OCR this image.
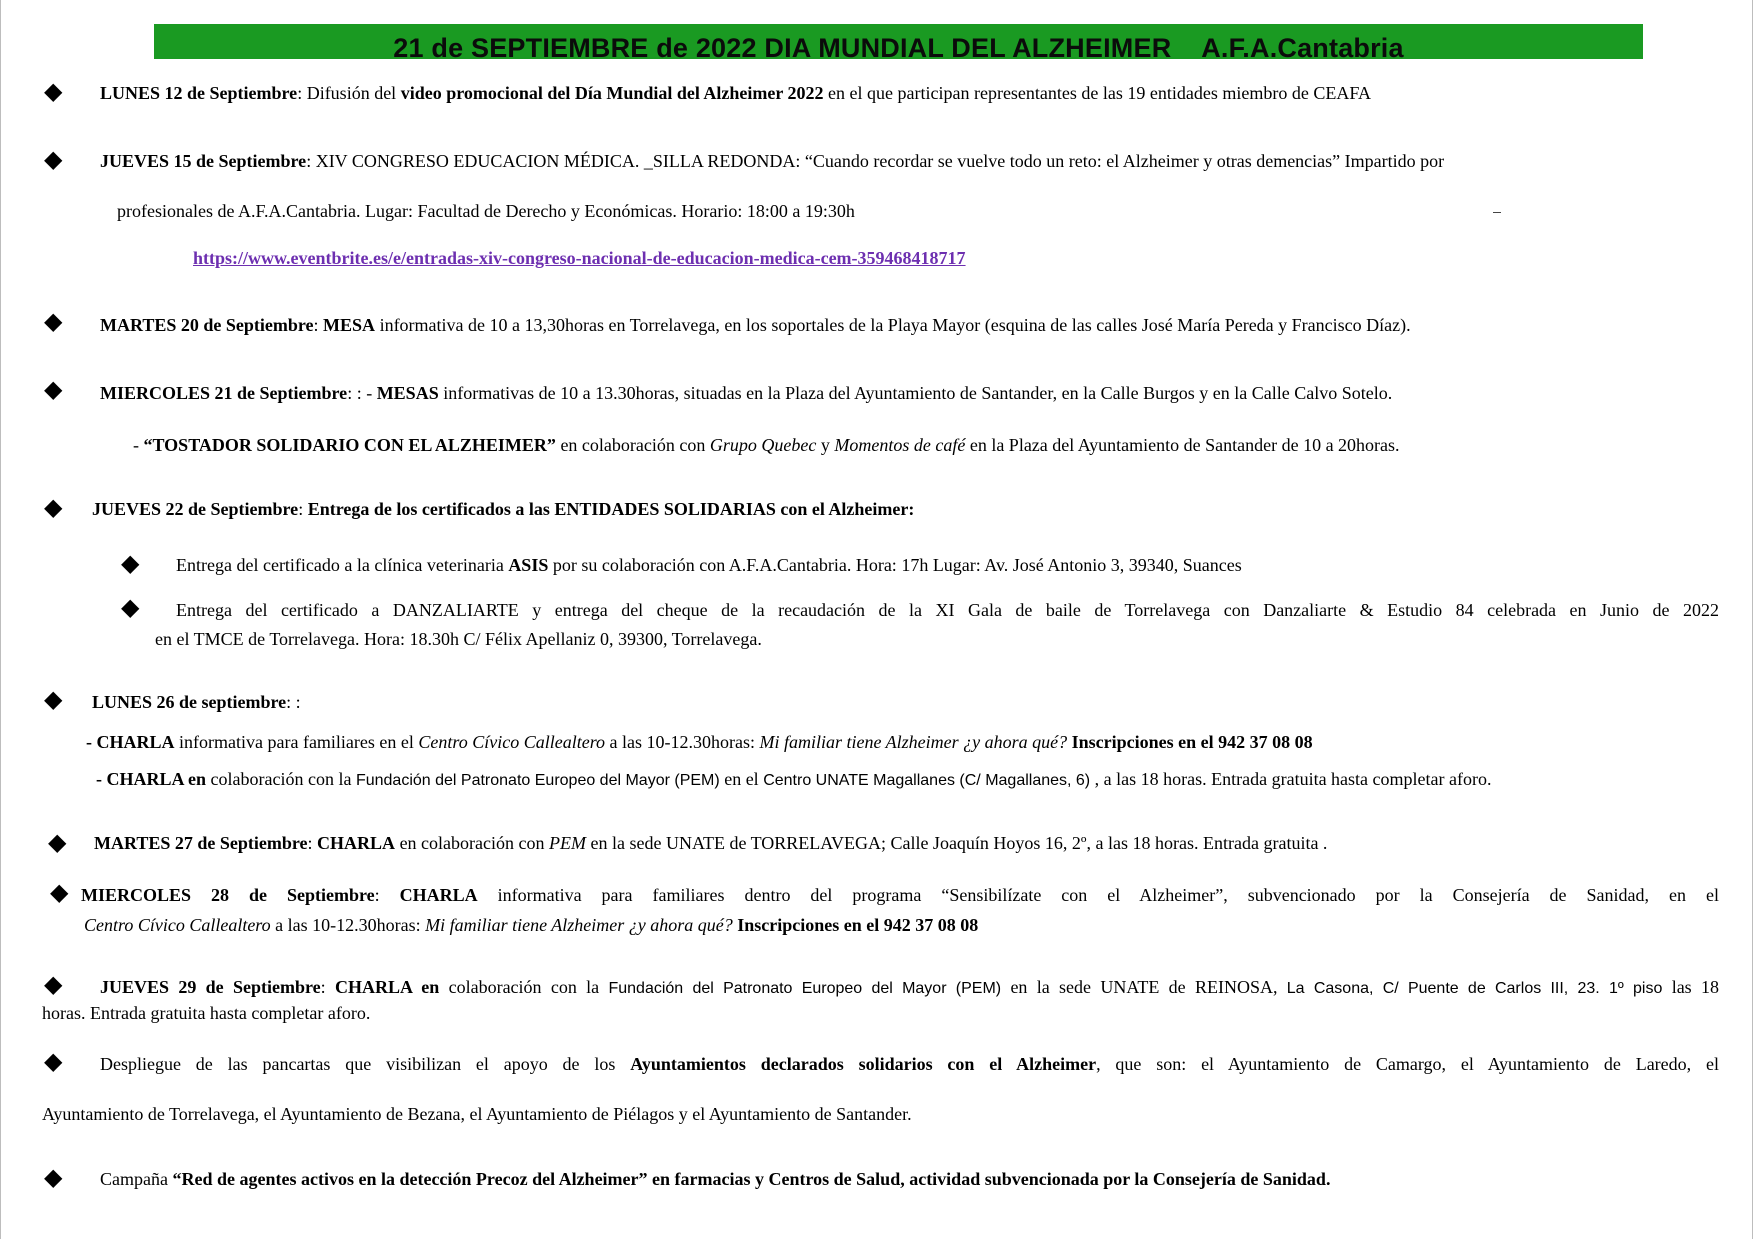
21 de SEPTIEMBRE de 2022 DIA MUNDIAL DEL ALZHEIMER    A.F.A.Cantabria
◆ LUNES 12 de Septiembre: Difusión del video promocional del Día Mundial del Alzheimer 2022 en el que participan representantes de las 19 entidades miembro de CEAFA
◆ JUEVES 15 de Septiembre: XIV CONGRESO EDUCACION MÉDICA. _SILLA REDONDA: “Cuando recordar se vuelve todo un reto: el Alzheimer y otras demencias” Impartido por
profesionales de A.F.A.Cantabria. Lugar: Facultad de Derecho y Económicas. Horario: 18:00 a 19:30h
https://www.eventbrite.es/e/entradas-xiv-congreso-nacional-de-educacion-medica-cem-359468418717
◆ MARTES 20 de Septiembre: MESA informativa de 10 a 13,30horas en Torrelavega, en los soportales de la Playa Mayor (esquina de las calles José María Pereda y Francisco Díaz).
◆ MIERCOLES 21 de Septiembre: : - MESAS informativas de 10 a 13.30horas, situadas en la Plaza del Ayuntamiento de Santander, en la Calle Burgos y en la Calle Calvo Sotelo.
- “TOSTADOR SOLIDARIO CON EL ALZHEIMER” en colaboración con Grupo Quebec y Momentos de café en la Plaza del Ayuntamiento de Santander de 10 a 20horas.
◆ JUEVES 22 de Septiembre: Entrega de los certificados a las ENTIDADES SOLIDARIAS con el Alzheimer:
◆ Entrega del certificado a la clínica veterinaria ASIS por su colaboración con A.F.A.Cantabria. Hora: 17h Lugar: Av. José Antonio 3, 39340, Suances
◆ Entrega del certificado a DANZALIARTE y entrega del cheque de la recaudación de la XI Gala de baile de Torrelavega con Danzaliarte & Estudio 84 celebrada en Junio de 2022
en el TMCE de Torrelavega. Hora: 18.30h C/ Félix Apellaniz 0, 39300, Torrelavega.
◆ LUNES 26 de septiembre: :
- CHARLA informativa para familiares en el Centro Cívico Callealtero a las 10-12.30horas: Mi familiar tiene Alzheimer ¿y ahora qué? Inscripciones en el 942 37 08 08
- CHARLA en colaboración con la Fundación del Patronato Europeo del Mayor (PEM) en el Centro UNATE Magallanes (C/ Magallanes, 6) , a las 18 horas. Entrada gratuita hasta completar aforo.
◆ MARTES 27 de Septiembre: CHARLA en colaboración con PEM en la sede UNATE de TORRELAVEGA; Calle Joaquín Hoyos 16, 2º, a las 18 horas. Entrada gratuita .
◆ MIERCOLES 28 de Septiembre: CHARLA informativa para familiares dentro del programa “Sensibilízate con el Alzheimer”, subvencionado por la Consejería de Sanidad, en el
Centro Cívico Callealtero a las 10-12.30horas: Mi familiar tiene Alzheimer ¿y ahora qué? Inscripciones en el 942 37 08 08
◆ JUEVES 29 de Septiembre: CHARLA en colaboración con la Fundación del Patronato Europeo del Mayor (PEM) en la sede UNATE de REINOSA, La Casona, C/ Puente de Carlos III, 23. 1º piso las 18
horas. Entrada gratuita hasta completar aforo.
◆ Despliegue de las pancartas que visibilizan el apoyo de los Ayuntamientos declarados solidarios con el Alzheimer, que son: el Ayuntamiento de Camargo, el Ayuntamiento de Laredo, el
Ayuntamiento de Torrelavega, el Ayuntamiento de Bezana, el Ayuntamiento de Piélagos y el Ayuntamiento de Santander.
◆ Campaña “Red de agentes activos en la detección Precoz del Alzheimer” en farmacias y Centros de Salud, actividad subvencionada por la Consejería de Sanidad.
